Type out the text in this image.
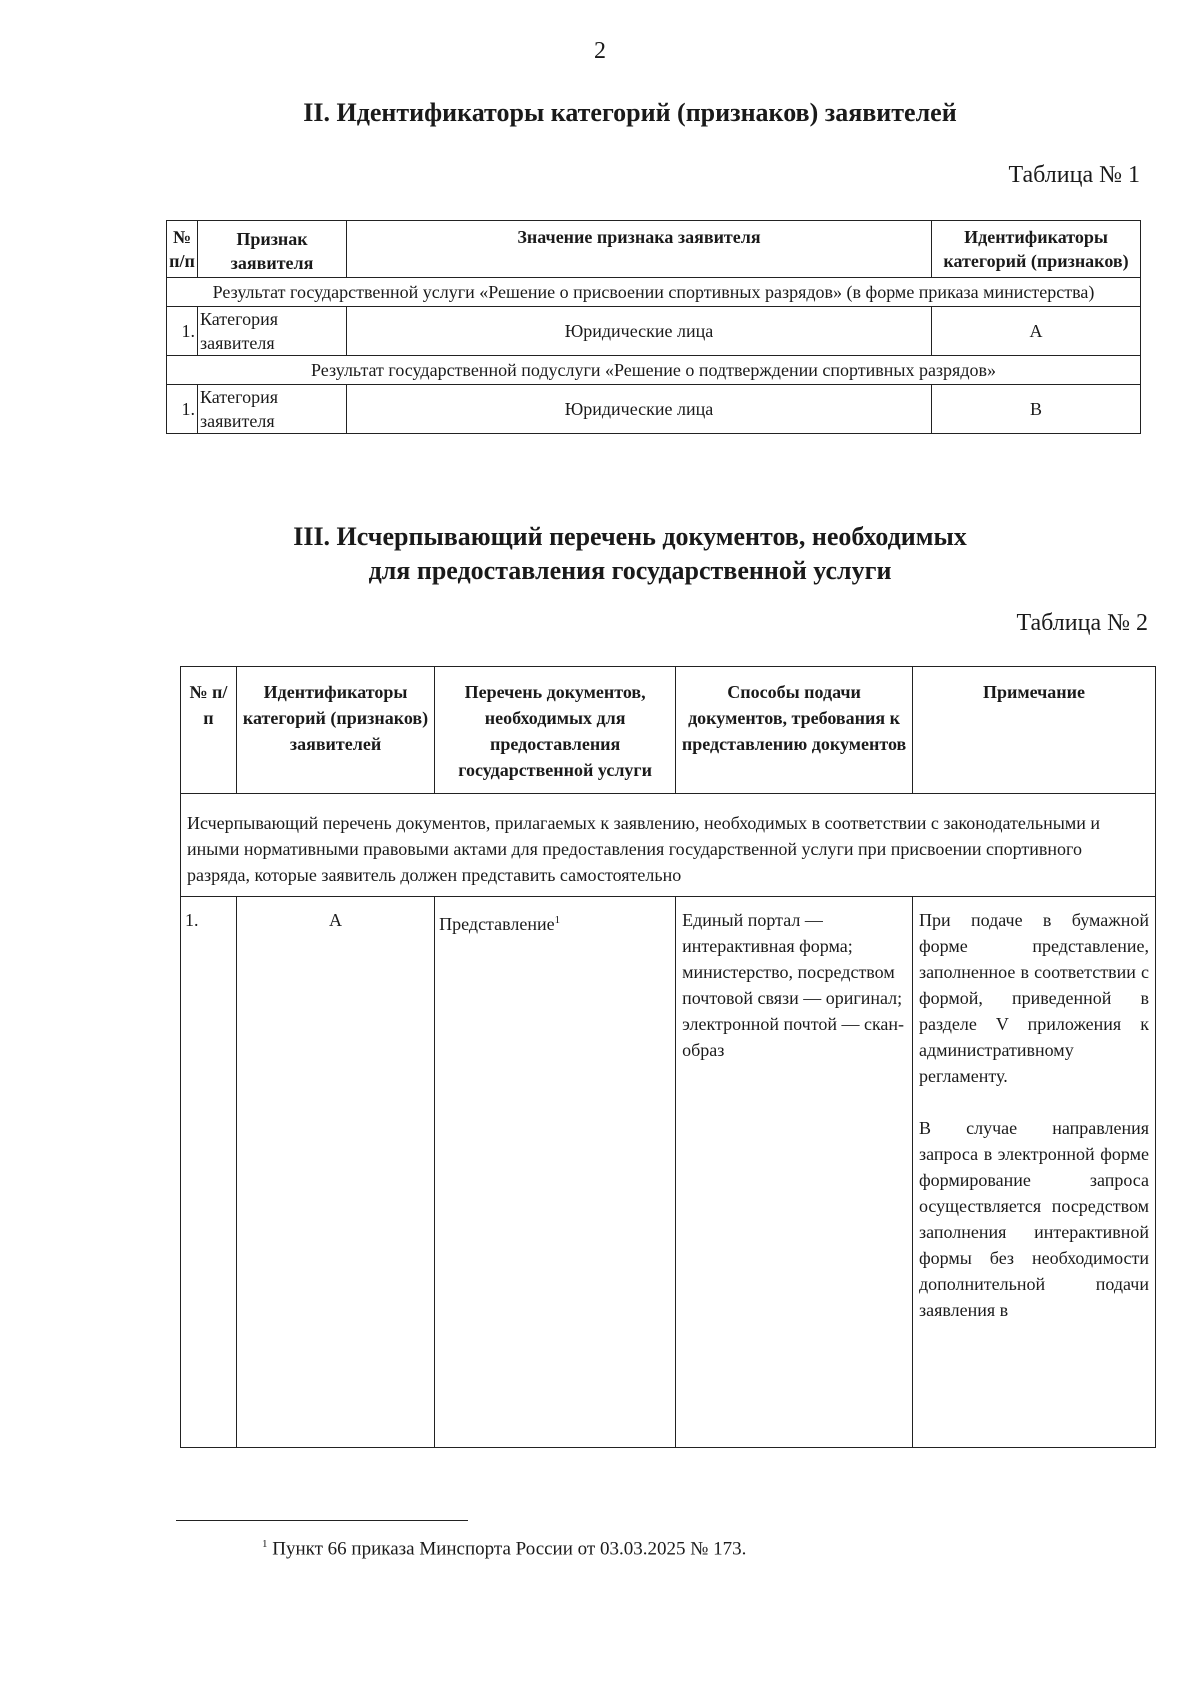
2
II. Идентификаторы категорий (признаков) заявителей
Таблица № 1
№ п/п	Признак заявителя	Значение признака заявителя	Идентификаторы категорий (признаков)
Результат государственной услуги «Решение о присвоении спортивных разрядов» (в форме приказа министерства)			
1.	Категория заявителя	Юридические лица	А
Результат государственной подуслуги «Решение о подтверждении спортивных разрядов»			
1.	Категория заявителя	Юридические лица	В
III. Исчерпывающий перечень документов, необходимых
для предоставления государственной услуги
Таблица № 2
№ п/п	Идентификаторы категорий (признаков) заявителей	Перечень документов, необходимых для предоставления государственной услуги	Способы подачи документов, требования к представлению документов	Примечание
Исчерпывающий перечень документов, прилагаемых к заявлению, необходимых в соответствии с законодательными и иными нормативными правовыми актами для предоставления государственной услуги при присвоении спортивного разряда, которые заявитель должен представить самостоятельно				
1.	А	Представление$^1$	Единый портал — интерактивная форма; министерство, посредством почтовой связи — оригинал; электронной почтой — скан-образ	При подаче в бумажной форме представление, заполненное в соответствии с формой, приведенной в разделе V приложения к административному регламенту.

В случае направления запроса в электронной форме формирование запроса осуществляется посредством заполнения интерактивной формы без необходимости дополнительной подачи заявления в

$^1$ Пункт 66 приказа Минспорта России от 03.03.2025 № 173.
